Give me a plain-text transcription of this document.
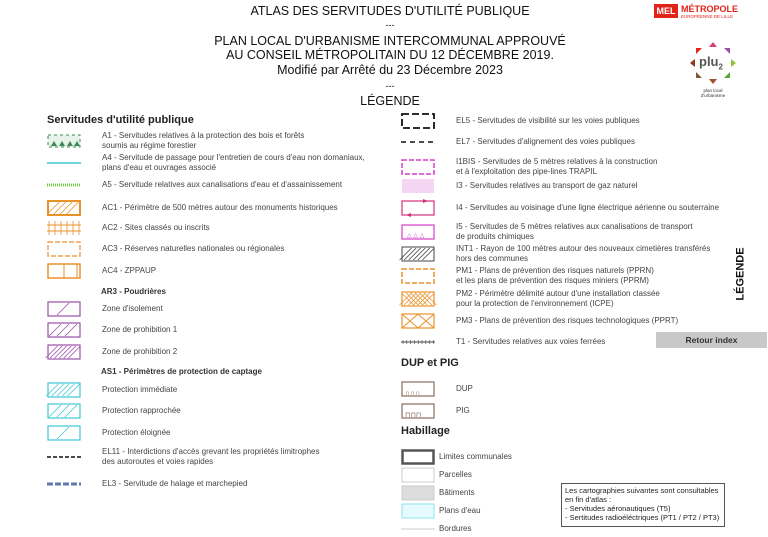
ATLAS DES SERVITUDES D'UTILITÉ PUBLIQUE
---
PLAN LOCAL D'URBANISME INTERCOMMUNAL APPROUVÉ
AU CONSEIL MÉTROPOLITAIN DU 12 DÉCEMBRE 2019.
Modifié par Arrêté du 23 Décembre 2023
---
LÉGENDE
MEL MÉTROPOLE
EUROPÉENNE DE LILLE
plu$_2$
plan local
d'urbanisme
Servitudes d'utilité publique
AR3 - Poudrières
AS1 - Périmètres de protection de captage
DUP et PIG
Habillage
A1 - Servitudes relatives à la protection des bois et forêts
soumis au régime forestier
A4 - Servitude de passage pour l'entretien de cours d'eau non domaniaux,
plans d'eau et ouvrages associé
A5 - Servitude relatives aux canalisations d'eau et d'assainissement
AC1 - Périmètre de 500 mètres autour des monuments historiques
AC2 - Sites classés ou inscrits
AC3 - Réserves naturelles nationales ou régionales
AC4 - ZPPAUP
Zone d'isolement
Zone de prohibition 1
Zone de prohibition 2
Protection immédiate
Protection rapprochée
Protection éloignée
EL11 - Interdictions d'accès grevant les propriétés limitrophes
des autoroutes et voies rapides
EL3 - Servitude de halage et marchepied
EL5 - Servitudes de visibilité sur les voies publiques
EL7 - Servitudes d'alignement des voies publiques
I1BIS - Servitudes de 5 mètres relatives à la construction
et à l'exploitation des pipe-lines TRAPIL
I3 - Servitudes relatives au transport de gaz naturel
I4 - Servitudes au voisinage d'une ligne électrique aérienne ou souterraine
△ △ △
I5 - Servitudes de 5 mètres relatives aux canalisations de transport
de produits chimiques
INT1 - Rayon de 100 mètres autour des nouveaux cimetières transférés
hors des communes
PM1 - Plans de prévention des risques naturels (PPRN)
et les plans de prévention des risques miniers (PPRM)
PM2 - Périmètre délimité autour d'une installation classée
pour la protection de l'environnement (ICPE)
PM3 - Plans de prévention des risques technologiques (PPRT)
T1 - Servitudes relatives aux voies ferrées
∩∩∩
DUP
⊓⊓⊓
PIG
Limites communales
Parcelles
Bâtiments
Plans d'eau
Bordures
LÉGENDE
Retour index
Les cartographies suivantes sont consultables
en fin d'atlas :
- Servitudes aéronautiques (T5)
- Sertitudes radioéléctriques (PT1 / PT2 / PT3)
